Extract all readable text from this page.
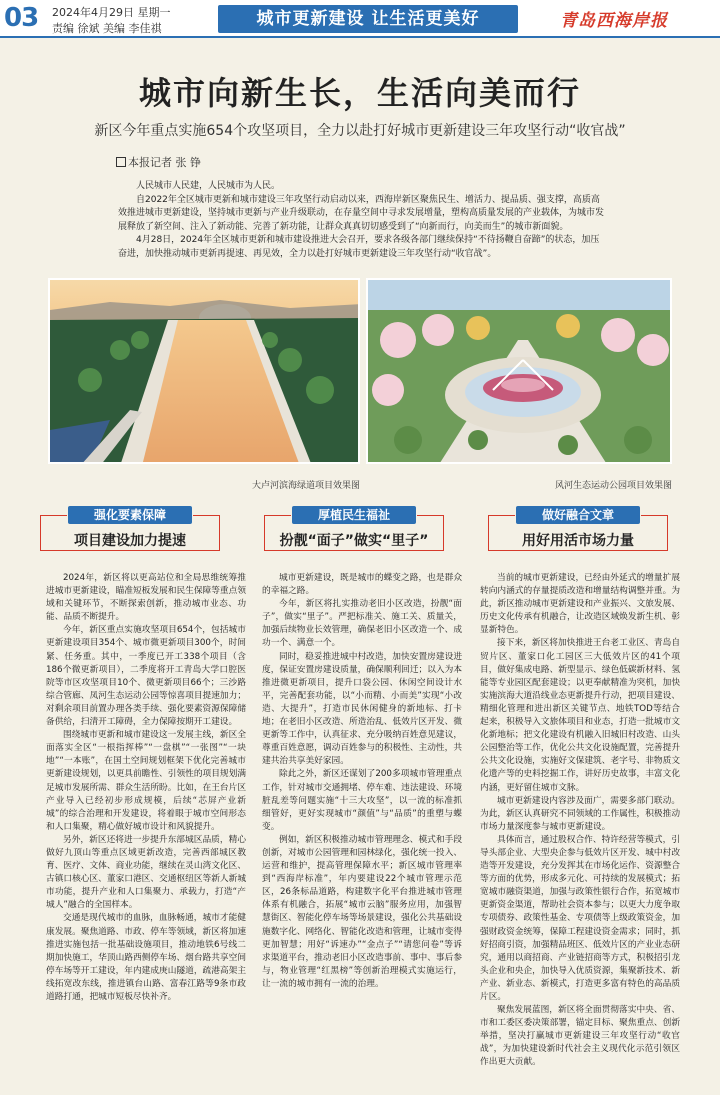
03 2024年4月29日 星期一
责编 徐斌 美编 李佳祺	城市更新建设 让生活更美好	青岛西海岸报
城市向新生长，生活向美而行
新区今年重点实施654个攻坚项目，全力以赴打好城市更新建设三年攻坚行动“收官战”
本报记者 张 铮

人民城市人民建，人民城市为人民。

自2022年全区城市更新和城市建设三年攻坚行动启动以来，西海岸新区聚焦民生、增活力、提品质、强支撑，高质高效推进城市更新建设，坚持城市更新与产业升级联动，在存量空间中寻求发展增量，塑构高质量发展的产业载体，为城市发展释放了新空间、注入了新动能、完善了新功能，让群众真真切切感受到了“向新而行，向美而生”的城市新面貌。

4月28日，2024年全区城市更新和城市建设推进大会召开，要求各级各部门继续保持“不待扬鞭自奋蹄”的状态，加压奋进，加快推动城市更新再提速、再见效，全力以赴打好城市更新建设三年攻坚行动“收官战”。

大卢河滨海绿道项目效果图	风河生态运动公园项目效果图
强化要素保障
项目建设加力提速
厚植民生福祉
扮靓“面子”做实“里子”
做好融合文章
用好用活市场力量

2024年，新区将以更高站位和全局思维统筹推进城市更新建设，瞄准短板发展和民生保障等重点领域和关键环节，不断探索创新，推动城市业态、功能、品质不断提升。

今年，新区重点实施攻坚项目654个，包括城市更新建设项目354个、城市微更新项目300个，时间紧、任务重。其中，一季度已开工338个项目（含186个微更新项目），二季度将开工青岛大学口腔医院等市区攻坚项目10个、微更新项目66个；三沙路综合管廊、凤河生态运动公园等惊喜项目提速加力；对剩余项目前置办理各类手续、强化要素资源保障储备供给，扫清开工障碍，全力保障按期开工建设。

围绕城市更新和城市建设这一发展主线，新区全面落实全区“一根指挥棒”“一盘棋”“一张图”“一块地”“一本账”，在国土空间规划框架下优化完善城市更新建设规划，以更具前瞻性、引领性的项目规划满足城市发展所需、群众生活所盼。比如，在王台片区产业导入已经初步形成规模，后续“芯屏产业新城”的综合治理和开发建设，将着眼于城市空间形态和人口集聚，精心做好城市设计和风貌提升。

另外，新区还将进一步提升东部城区品质，精心做好九顶山等重点区域更新改造，完善西部城区教育、医疗、文体、商业功能，继续在灵山湾文化区、古镇口核心区、董家口港区、交通枢纽区等新人新城市功能，提升产业和人口集聚力、承载力，打造“产城人”融合的全国样本。

交通是现代城市的血脉，血脉畅通，城市才能健康发展。聚焦道路、市政、停车等领域，新区将加速推进实施包括一批基础设施项目，推动地铁6号线二期加快施工，华顶山路西侧停车场、烟台路共享空间停车场等开工建设，年内建成庚山隧道，疏港高架主线拓宽改东线，推进镇台山路、富春江路等9条市政道路打通，把城市短板尽快补齐。

城市更新建设，既是城市的蝶变之路，也是群众的幸福之路。

今年，新区将扎实推动老旧小区改造，扮靓“面子”，做实“里子”。严把标准关、施工关、质量关，加强后续物业长效管理，确保老旧小区改造一个、成功一个、满意一个。

同时，稳妥推进城中村改造，加快安置房建设进度，保证安置房建设质量，确保顺利回迁；以入为本推进微更新项目，提升口袋公园、休闲空间设计水平，完善配套功能，以“小而精、小而美”实现“小改造、大提升”，打造市民休闲健身的新地标、打卡地；在老旧小区改造、所造治乱、低效片区开发、微更新等工作中，认真征求、充分吸纳百姓意见建议，尊重百姓意愿，调动百姓参与的积极性、主动性，共建共治共享美好家园。

除此之外，新区还谋划了200多项城市管理重点工作，针对城市交通拥堵、停车难、违法建设、环境脏乱差等问题实施“十三大攻坚”，以一流的标准抓细管好，更好实现城市“颜值”与“品质”的重塑与蝶变。

例如，新区积极推动城市管理理念、模式和手段创新，对城市公园管理和园林绿化，强化统一投入、运营和维护，提高管理保障水平；新区城市管理率到“西海岸标准”，年内要建设22个城市管理示范区，26条标品道路，构建数字化平台推进城市管理体系有机融合，拓展“城市云脑”服务应用，加强智慧街区、智能化停车场等场景建设，强化公共基础设施数字化、网络化、智能化改造和管理，让城市变得更加智慧；用好“诉速办”“金点子”“请您问卷”等诉求渠道平台，推动老旧小区改造事前、事中、事后参与，物业管理“红黑榜”等创新治理模式实施运行，让一流的城市拥有一流的治理。

当前的城市更新建设，已经由外延式的增量扩展转向内涵式的存量提质改造和增量结构调整并重。为此，新区推动城市更新建设和产业振兴、文旅发展、历史文化传承有机融合，让改造区域焕发新生机、彰显新特色。

接下来，新区将加快推进王台老工业区、青岛自贸片区、董家口化工园区三大低效片区的41个项目，做好集成电路、新型显示、绿色低碳新材料、氢能等专业园区配套建设；以更奉献精准为突机，加快实施滨海大道沿线业态更新提升行动，把项目建设、精细化管理和进出新区关键节点、地铁TOD等结合起来，积极导入文旅体项目和业态，打造一批城市文化新地标；把文化建设有机融入旧城旧村改造、山头公园整治等工作，优化公共文化设施配置，完善提升公共文化设施，实施好文保建筑、老字号、非物质文化遗产等的史料挖掘工作，讲好历史故事，丰富文化内涵，更好留住城市文脉。

城市更新建设内容涉及面广，需要多部门联动。为此，新区认真研究不同领域的工作属性，积极推动市场力量深度参与城市更新建设。

具体而言，通过股权合作、特许经营等模式，引导头部企业、大型央企参与低效片区开发、城中村改造等开发建设，充分发挥其在市场化运作、资源整合等方面的优势，形成多元化、可持续的发展模式；拓宽城市融资渠道，加强与政策性银行合作，拓宽城市更新资金渠道，帮助社会资本参与；以更大力度争取专项债券、政策性基金、专项债等上级政策资金，加强财政资金统筹，保障工程建设资金需求；同时，抓好招商引资，加强精品班区、低效片区的产业业态研究，通用以商招商、产业链招商等方式，积极招引龙头企业和央企，加快导入优质资源，集聚新技术、新产业、新业态、新模式，打造更多富有特色的高品质片区。

聚焦发展蓝图，新区将全面贯彻落实中央、省、市和工委区委决策部署，锚定目标、聚焦重点、创新举措，坚决打赢城市更新建设三年攻坚行动“收官战”，为加快建设新时代社会主义现代化示范引领区作出更大贡献。
